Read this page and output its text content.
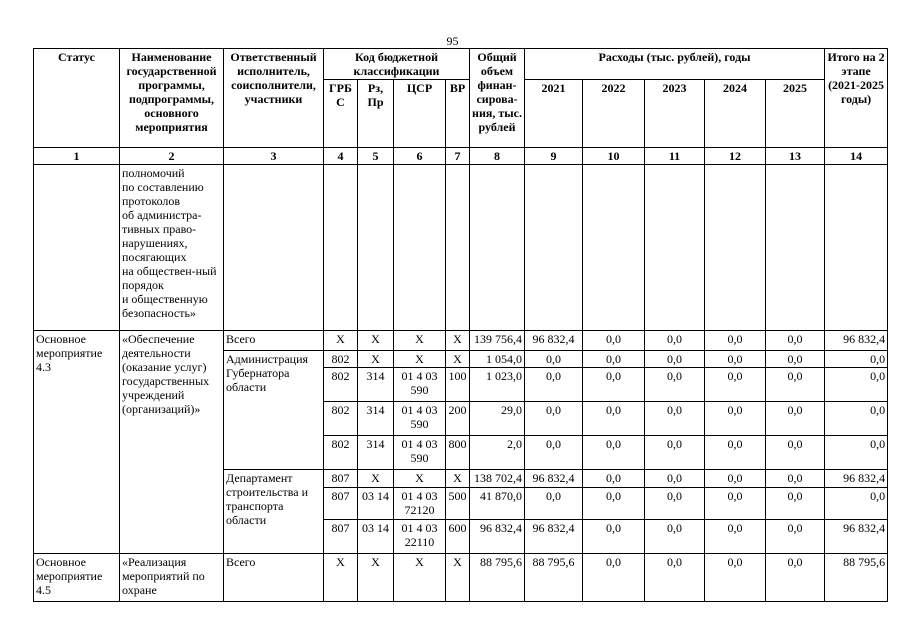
95
Статус	Наименование государственной программы, подпрограммы, основного мероприятия	Ответственный исполнитель, соисполнители, участники	Код бюджетной классификации				Общий объем финан-сирова-ния, тыс. рублей	Расходы (тыс. рублей), годы					Итого на 2 этапе (2021-2025 годы)
			ГРБ С	Рз, Пр	ЦСР	ВР		2021	2022	2023	2024	2025	
1	2	3	4	5	6	7	8	9	10	11	12	13	14
	полномочий
по составлению протоколов
об администра-тивных право-нарушениях, посягающих
на обществен-ный порядок
и общественную безопасность»												
Основное мероприятие 4.3	«Обеспечение деятельности (оказание услуг) государственных учреждений (организаций)»	Всего	X	X	X	X	139 756,4	96 832,4	0,0	0,0	0,0	0,0	96 832,4
		Администрация Губернатора области	802	X	X	X	1 054,0	0,0	0,0	0,0	0,0	0,0	0,0
			802	314	01 4 03 590	100	1 023,0	0,0	0,0	0,0	0,0	0,0	0,0
			802	314	01 4 03 590	200	29,0	0,0	0,0	0,0	0,0	0,0	0,0
			802	314	01 4 03 590	800	2,0	0,0	0,0	0,0	0,0	0,0	0,0
		Департамент строительства и транспорта области	807	X	X	X	138 702,4	96 832,4	0,0	0,0	0,0	0,0	96 832,4
			807	03 14	01 4 03 72120	500	41 870,0	0,0	0,0	0,0	0,0	0,0	0,0
			807	03 14	01 4 03 22110	600	96 832,4	96 832,4	0,0	0,0	0,0	0,0	96 832,4
Основное мероприятие 4.5	«Реализация мероприятий по охране	Всего	X	X	X	X	88 795,6	88 795,6	0,0	0,0	0,0	0,0	88 795,6
